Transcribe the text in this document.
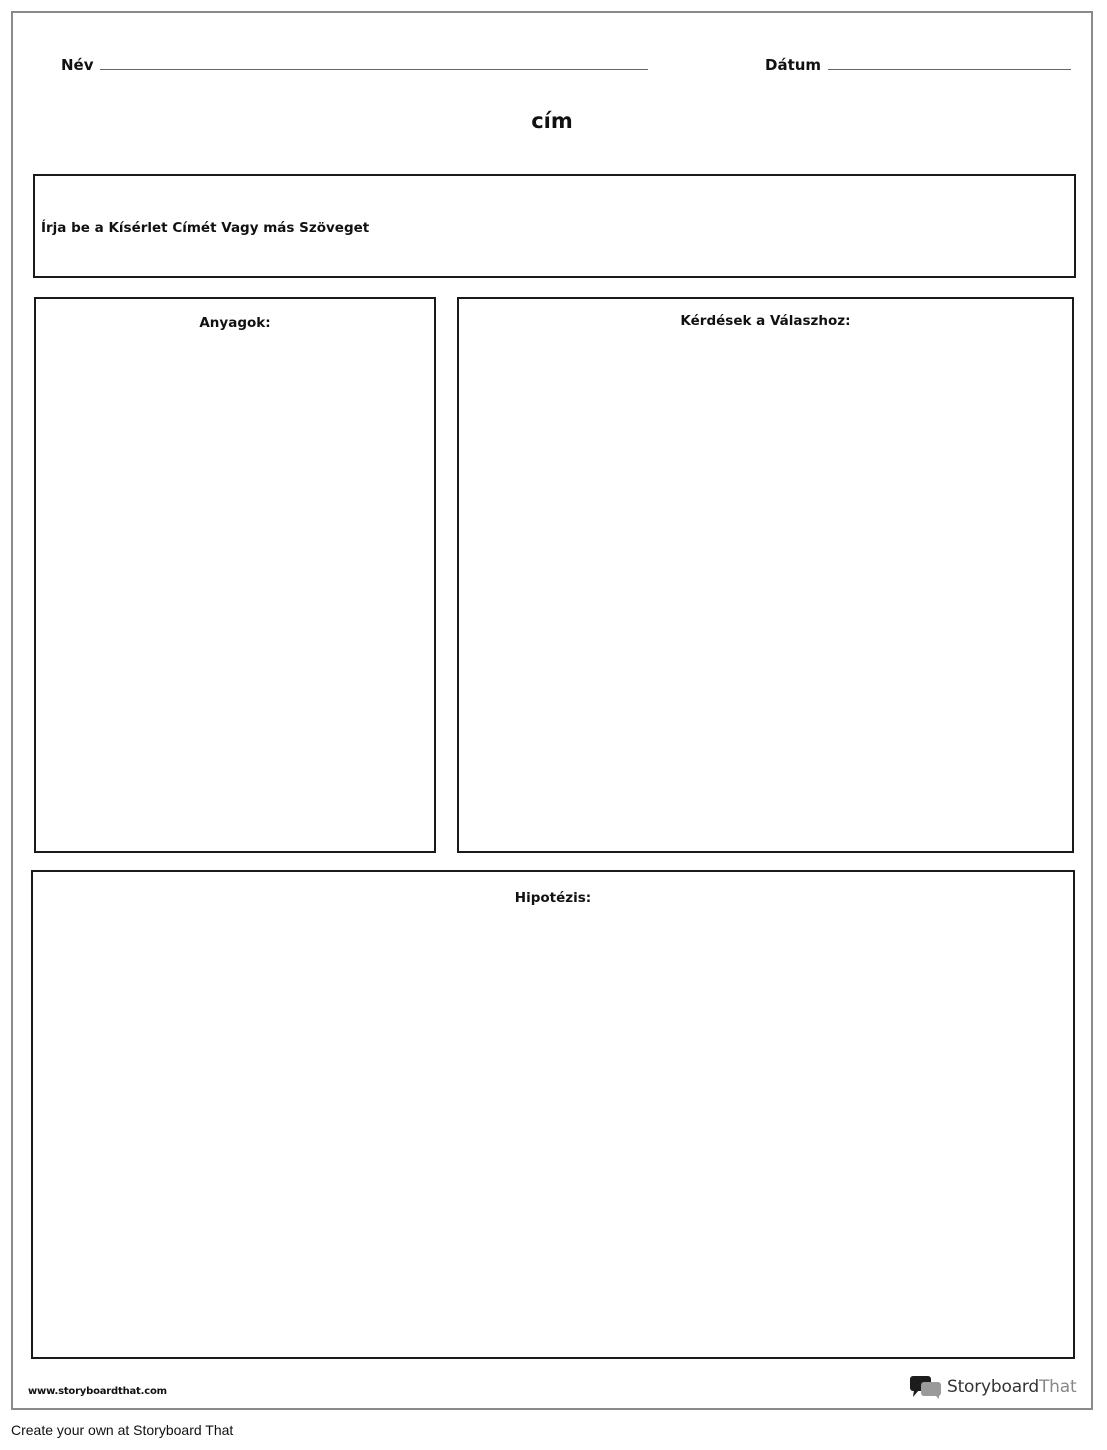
Név	Dátum
cím
Írja be a Kísérlet Címét Vagy más Szöveget
Anyagok:	Kérdések a Válaszhoz:
Hipotézis:
www.storyboardthat.com	StoryboardThat
Create your own at Storyboard That
